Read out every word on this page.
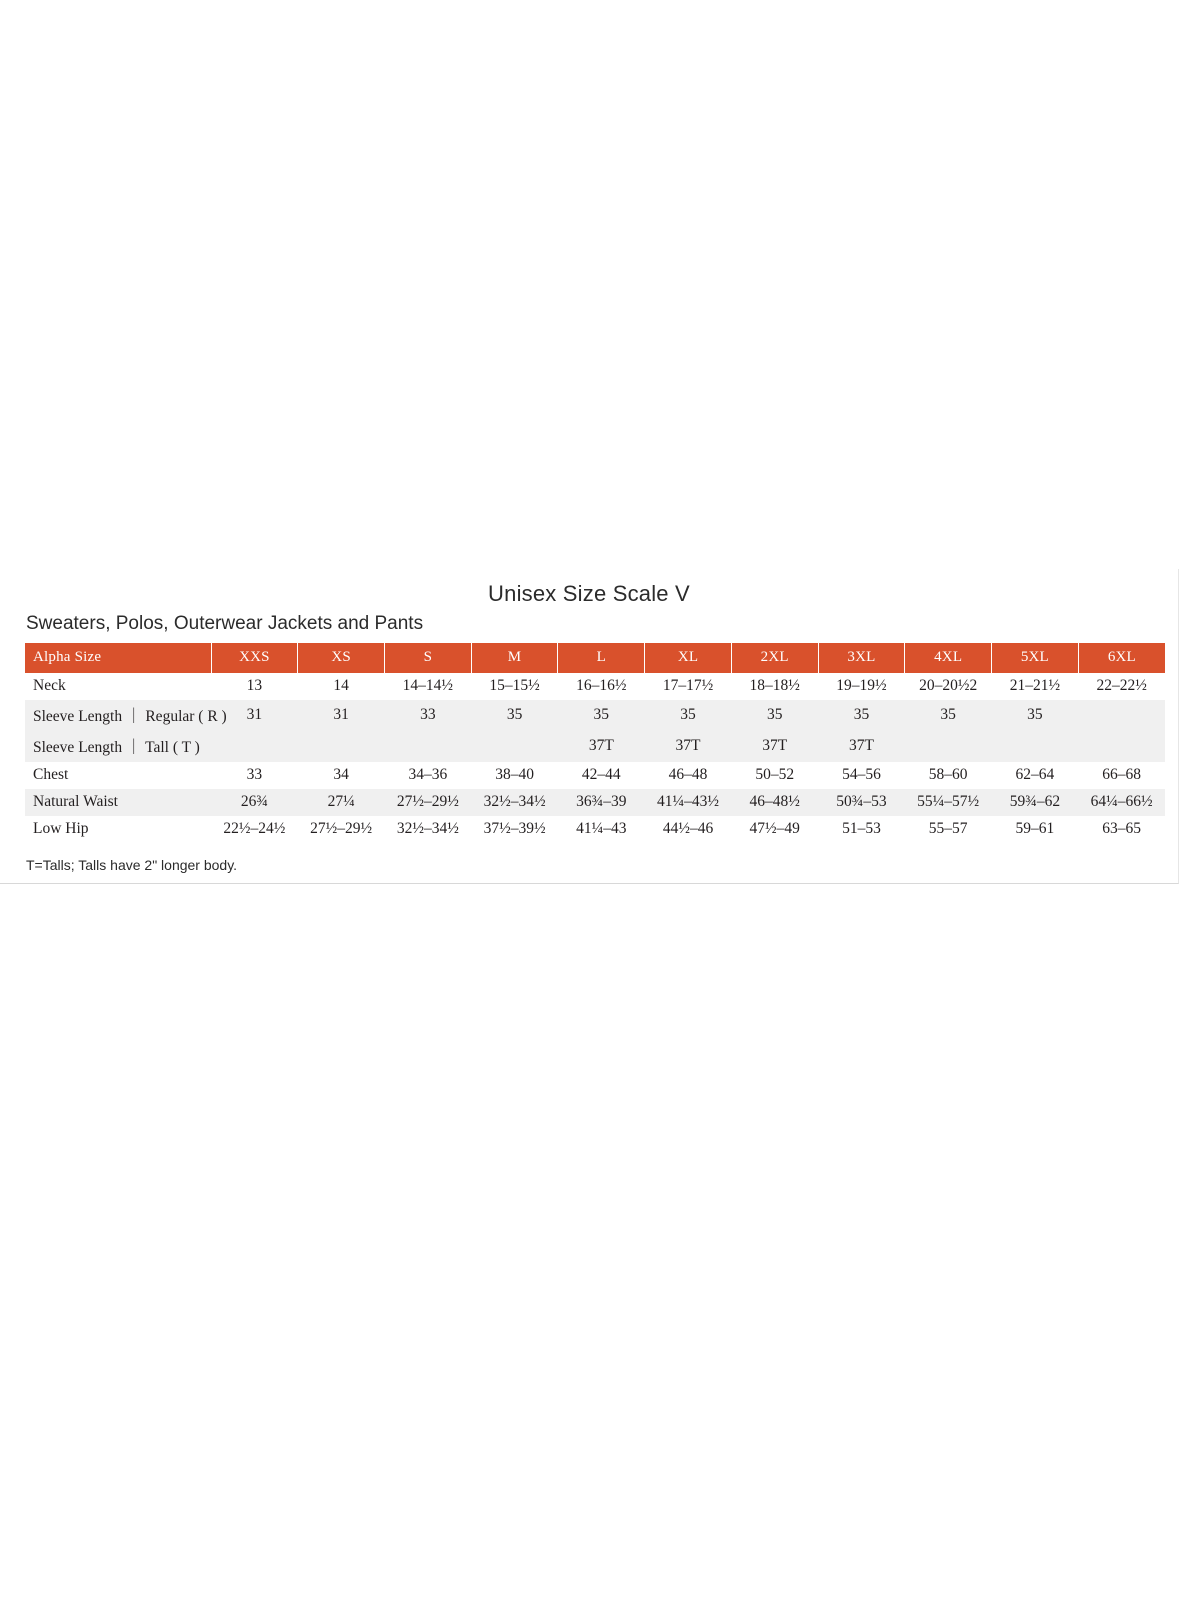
Unisex Size Scale V
Sweaters, Polos, Outerwear Jackets and Pants
Alpha Size	XXS	XS	S	M	L	XL	2XL	3XL	4XL	5XL	6XL
Neck	13	14	14–14½	15–15½	16–16½	17–17½	18–18½	19–19½	20–20½2	21–21½	22–22½
Sleeve Length ｜ Regular ( R )	31	31	33	35	35	35	35	35	35	35	
Sleeve Length ｜ Tall ( T )					37T	37T	37T	37T			
Chest	33	34	34–36	38–40	42–44	46–48	50–52	54–56	58–60	62–64	66–68
Natural Waist	26¾	27¼	27½–29½	32½–34½	36¾–39	41¼–43½	46–48½	50¾–53	55¼–57½	59¾–62	64¼–66½
Low Hip	22½–24½	27½–29½	32½–34½	37½–39½	41¼–43	44½–46	47½–49	51–53	55–57	59–61	63–65
T=Talls; Talls have 2" longer body.
